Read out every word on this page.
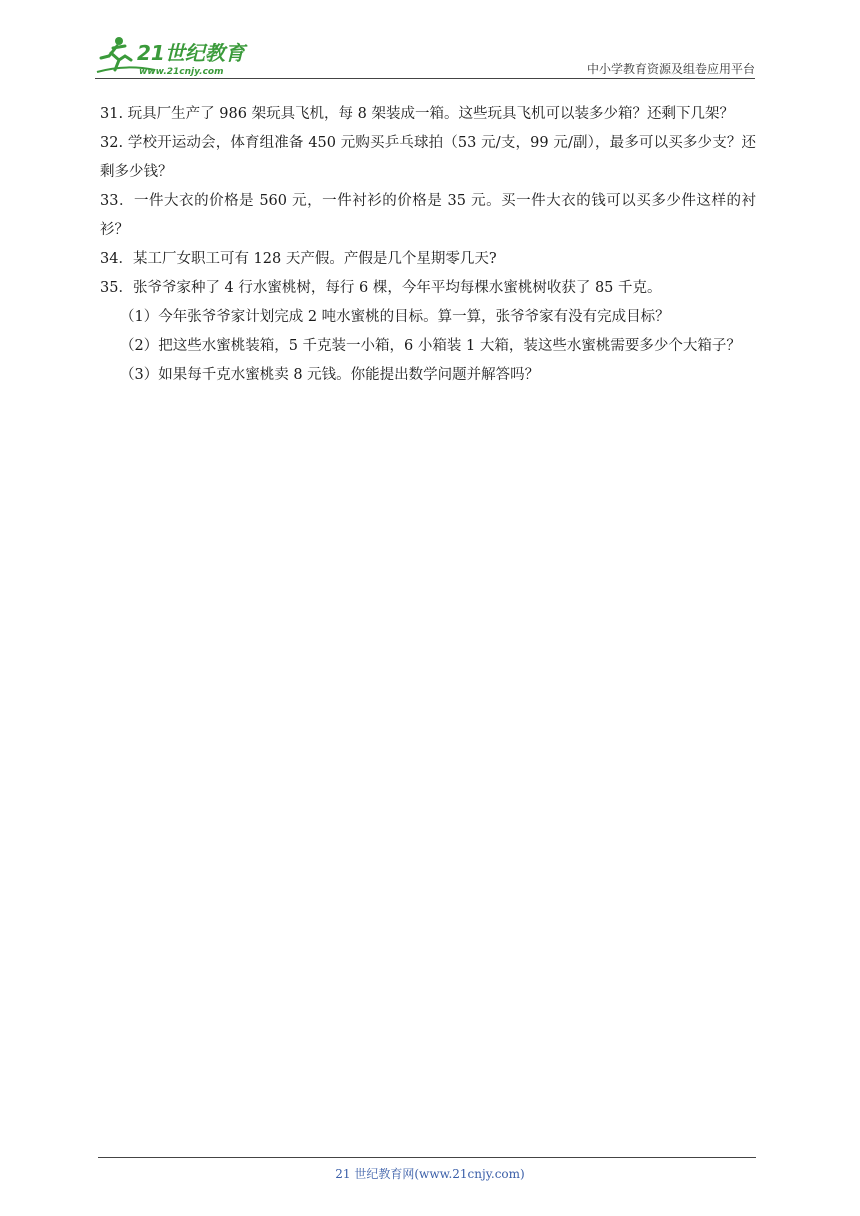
21世纪教育
www.21cnjy.com	中小学教育资源及组卷应用平台

31. 玩具厂生产了 986 架玩具飞机，每 8 架装成一箱。这些玩具飞机可以装多少箱？还剩下几架？

32. 学校开运动会，体育组准备 450 元购买乒乓球拍（53 元/支，99 元/副），最多可以买多少支？还剩多少钱？

33．一件大衣的价格是 560 元，一件衬衫的价格是 35 元。买一件大衣的钱可以买多少件这样的衬衫？

34．某工厂女职工可有 128 天产假。产假是几个星期零几天?

35．张爷爷家种了 4 行水蜜桃树，每行 6 棵，今年平均每棵水蜜桃树收获了 85 千克。

（1）今年张爷爷家计划完成 2 吨水蜜桃的目标。算一算，张爷爷家有没有完成目标？

（2）把这些水蜜桃装箱，5 千克装一小箱，6 小箱装 1 大箱，装这些水蜜桃需要多少个大箱子？

（3）如果每千克水蜜桃卖 8 元钱。你能提出数学问题并解答吗？

21 世纪教育网(www.21cnjy.com)
